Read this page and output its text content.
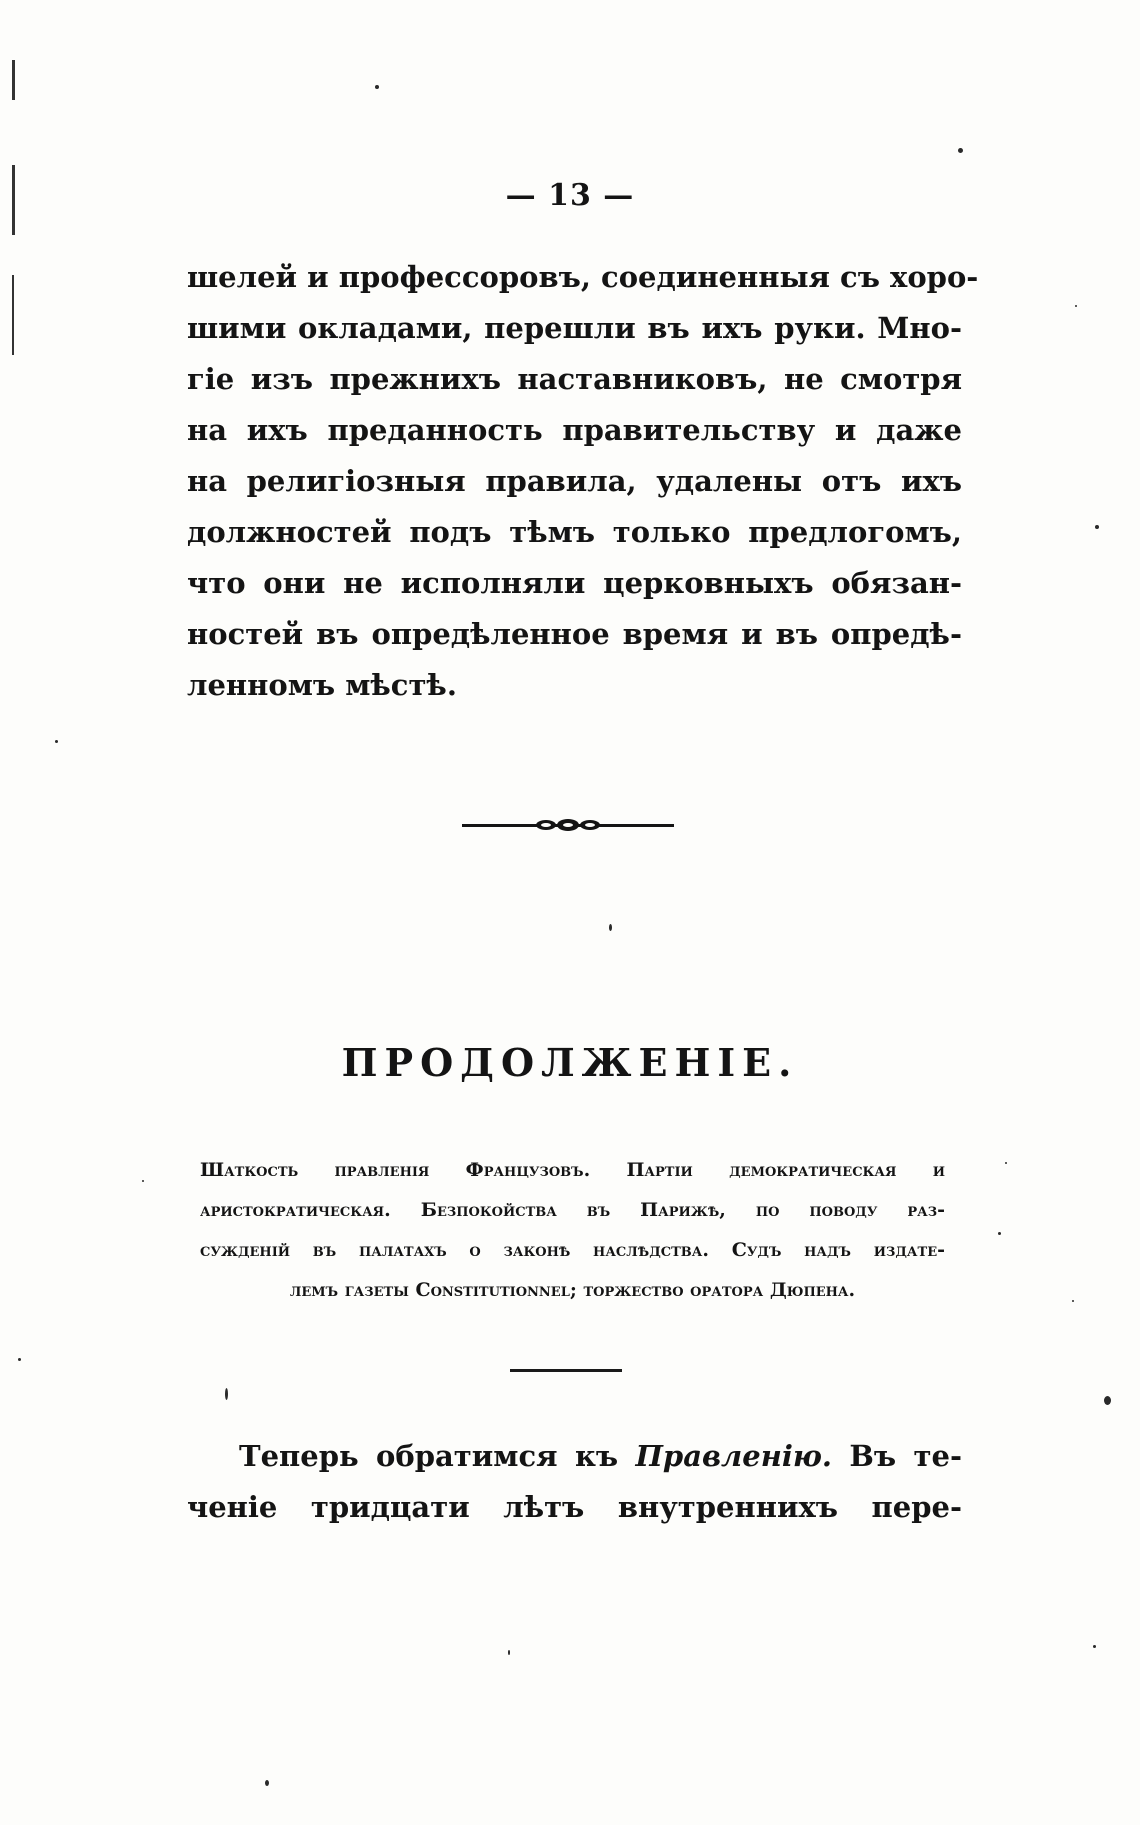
— 13 —
шелей и профессоровъ, соединенныя съ хоро-
шими окладами, перешли въ ихъ руки. Мно-
гіе изъ прежнихъ наставниковъ, не смотря
на ихъ преданность правительству и даже
на религіозныя правила, удалены отъ ихъ
должностей подъ тѣмъ только предлогомъ,
что они не исполняли церковныхъ обязан-
ностей въ опредѣленное время и въ опредѣ-
ленномъ мѣстѣ.
ПРОДОЛЖЕНІЕ.
Шаткость правленія Французовъ. Партіи демократическая и
аристократическая. Безпокойства въ Парижѣ, по поводу раз-
сужденій въ палатахъ о законѣ наслѣдства. Судъ надъ издате-
лемъ газеты Constitutionnel; торжество оратора Дюпена.
Теперь обратимся къ Правленію. Въ те-
ченіе тридцати лѣтъ внутреннихъ пере-
